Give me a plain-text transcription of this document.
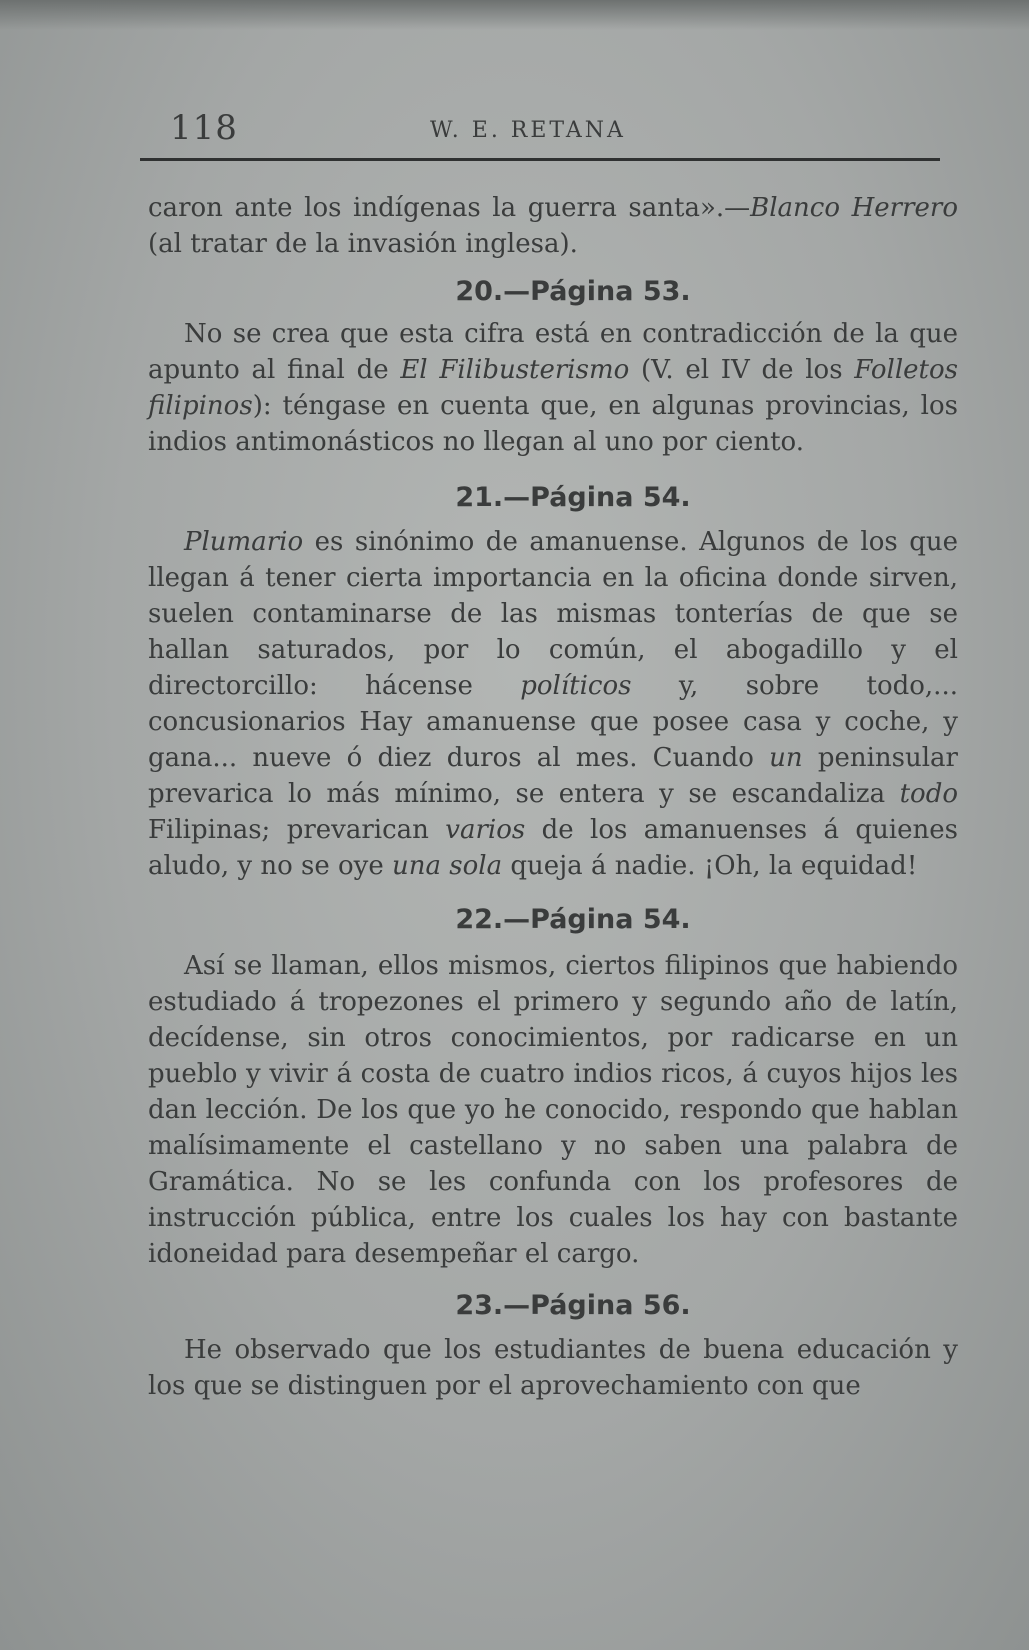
118	W. E. RETANA

caron ante los indígenas la guerra santa».—Blanco Herrero (al tratar de la invasión inglesa).

20.—Página 53.

No se crea que esta cifra está en contradicción de la que apunto al final de El Filibusterismo (V. el IV de los Folletos filipinos): téngase en cuenta que, en algunas provincias, los indios antimonásticos no llegan al uno por ciento.

21.—Página 54.

Plumario es sinónimo de amanuense. Algunos de los que llegan á tener cierta importancia en la oficina donde sirven, suelen contaminarse de las mismas tonterías de que se hallan saturados, por lo común, el abogadillo y el directorcillo: hácense políticos y, sobre todo,... concusionarios Hay amanuense que posee casa y coche, y gana... nueve ó diez duros al mes. Cuando un peninsular prevarica lo más mínimo, se entera y se escandaliza todo Filipinas; prevarican varios de los amanuenses á quienes aludo, y no se oye una sola queja á nadie. ¡Oh, la equidad!

22.—Página 54.

Así se llaman, ellos mismos, ciertos filipinos que habiendo estudiado á tropezones el primero y segundo año de latín, decídense, sin otros conocimientos, por radicarse en un pueblo y vivir á costa de cuatro indios ricos, á cuyos hijos les dan lección. De los que yo he conocido, respondo que hablan malísimamente el castellano y no saben una palabra de Gramática. No se les confunda con los profesores de instrucción pública, entre los cuales los hay con bastante idoneidad para desempeñar el cargo.

23.—Página 56.

He observado que los estudiantes de buena educación y los que se distinguen por el aprovechamiento con que
